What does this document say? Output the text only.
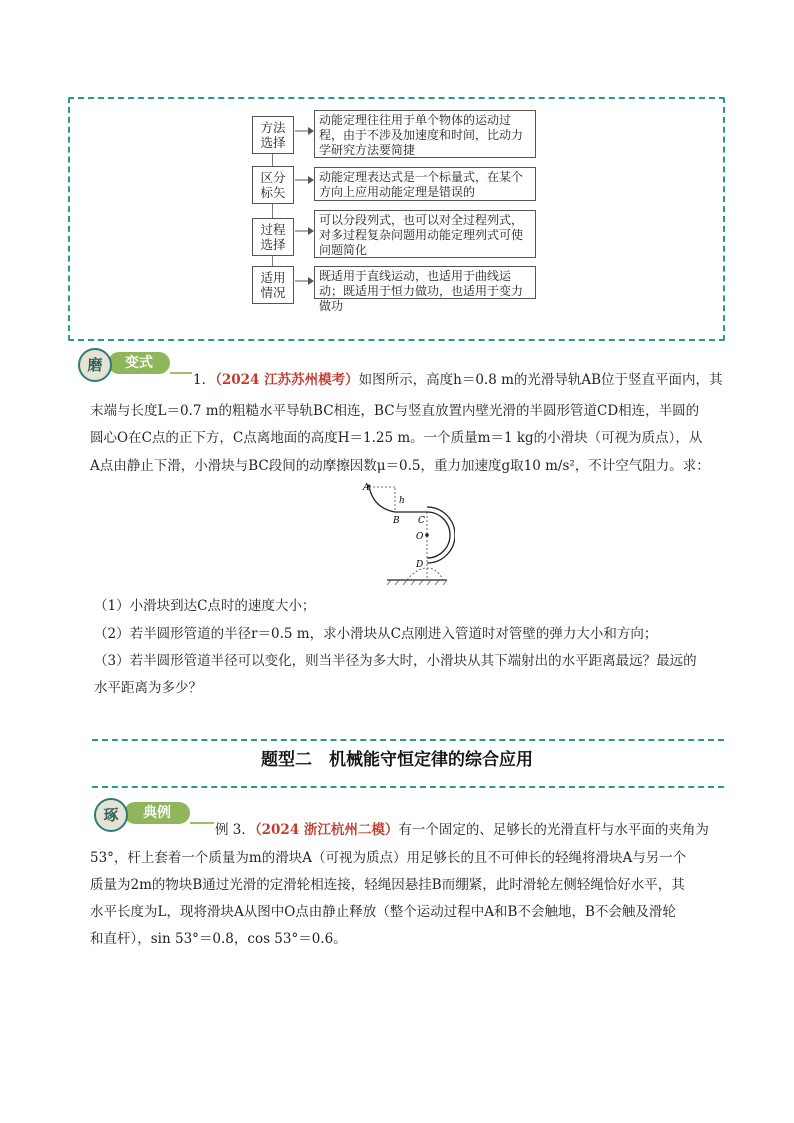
方法
选择
动能定理往往用于单个物体的运动过程，由于不涉及加速度和时间，比动力学研究方法要简捷
区分
标矢
动能定理表达式是一个标量式，在某个方向上应用动能定理是错误的
过程
选择
可以分段列式，也可以对全过程列式，对多过程复杂问题用动能定理列式可使问题简化
适用
情况
既适用于直线运动，也适用于曲线运动；既适用于恒力做功，也适用于变力做功
变式
磨
1．（2024 江苏苏州模考）如图所示，高度h＝0.8 m的光滑导轨AB位于竖直平面内，其
末端与长度L＝0.7 m的粗糙水平导轨BC相连，BC与竖直放置内壁光滑的半圆形管道CD相连，半圆的
圆心O在C点的正下方，C点离地面的高度H＝1.25 m。一个质量m＝1 kg的小滑块（可视为质点），从
A点由静止下滑，小滑块与BC段间的动摩擦因数μ＝0.5，重力加速度g取10 m/s²，不计空气阻力。求：
A
h
B C
O
D
（1）小滑块到达C点时的速度大小；
（2）若半圆形管道的半径r＝0.5 m，求小滑块从C点刚进入管道时对管壁的弹力大小和方向；
（3）若半圆形管道半径可以变化，则当半径为多大时，小滑块从其下端射出的水平距离最远？最远的
水平距离为多少？
题型二　机械能守恒定律的综合应用
典例
琢
例 3．（2024 浙江杭州二模）有一个固定的、足够长的光滑直杆与水平面的夹角为
53°，杆上套着一个质量为m的滑块A（可视为质点）用足够长的且不可伸长的轻绳将滑块A与另一个
质量为2m的物块B通过光滑的定滑轮相连接，轻绳因悬挂B而绷紧，此时滑轮左侧轻绳恰好水平，其
水平长度为L，现将滑块A从图中O点由静止释放（整个运动过程中A和B不会触地，B不会触及滑轮
和直杆），sin 53°＝0.8，cos 53°＝0.6。
